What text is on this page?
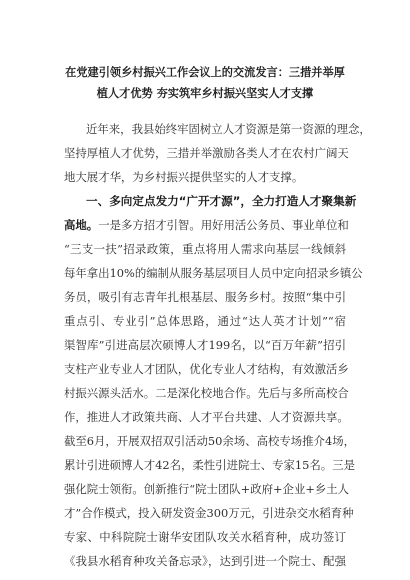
在党建引领乡村振兴工作会议上的交流发言：三措并举厚
植人才优势 夯实筑牢乡村振兴坚实人才支撑
近年来，我县始终牢固树立人才资源是第一资源的理念，
坚持厚植人才优势，三措并举激励各类人才在农村广阔天
地大展才华，为乡村振兴提供坚实的人才支撑。
一、多向定点发力“广开才源”，全力打造人才聚集新
高地。一是多方招才引智。用好用活公务员、事业单位和
“三支一扶”招录政策，重点将用人需求向基层一线倾斜
每年拿出10%的编制从服务基层项目人员中定向招录乡镇公
务员，吸引有志青年扎根基层、服务乡村。按照“集中引
重点引、专业引”总体思路，通过“达人英才计划”“宿
渠智库”引进高层次硕博人才199名，以“百万年薪”招引
支柱产业专业人才团队，优化专业人才结构，有效激活乡
村振兴源头活水。二是深化校地合作。先后与多所高校合
作，推进人才政策共商、人才平台共建、人才资源共享。
截至6月，开展双招双引活动50余场、高校专场推介4场，
累计引进硕博人才42名，柔性引进院士、专家15名。三是
强化院士领衔。创新推行“院士团队+政府+企业+乡土人
才”合作模式，投入研发资金300万元，引进杂交水稻育种
专家、中科院院士谢华安团队攻关水稻育种，成功签订
《我县水稻育种攻关备忘录》，达到引进一个院士、配强
